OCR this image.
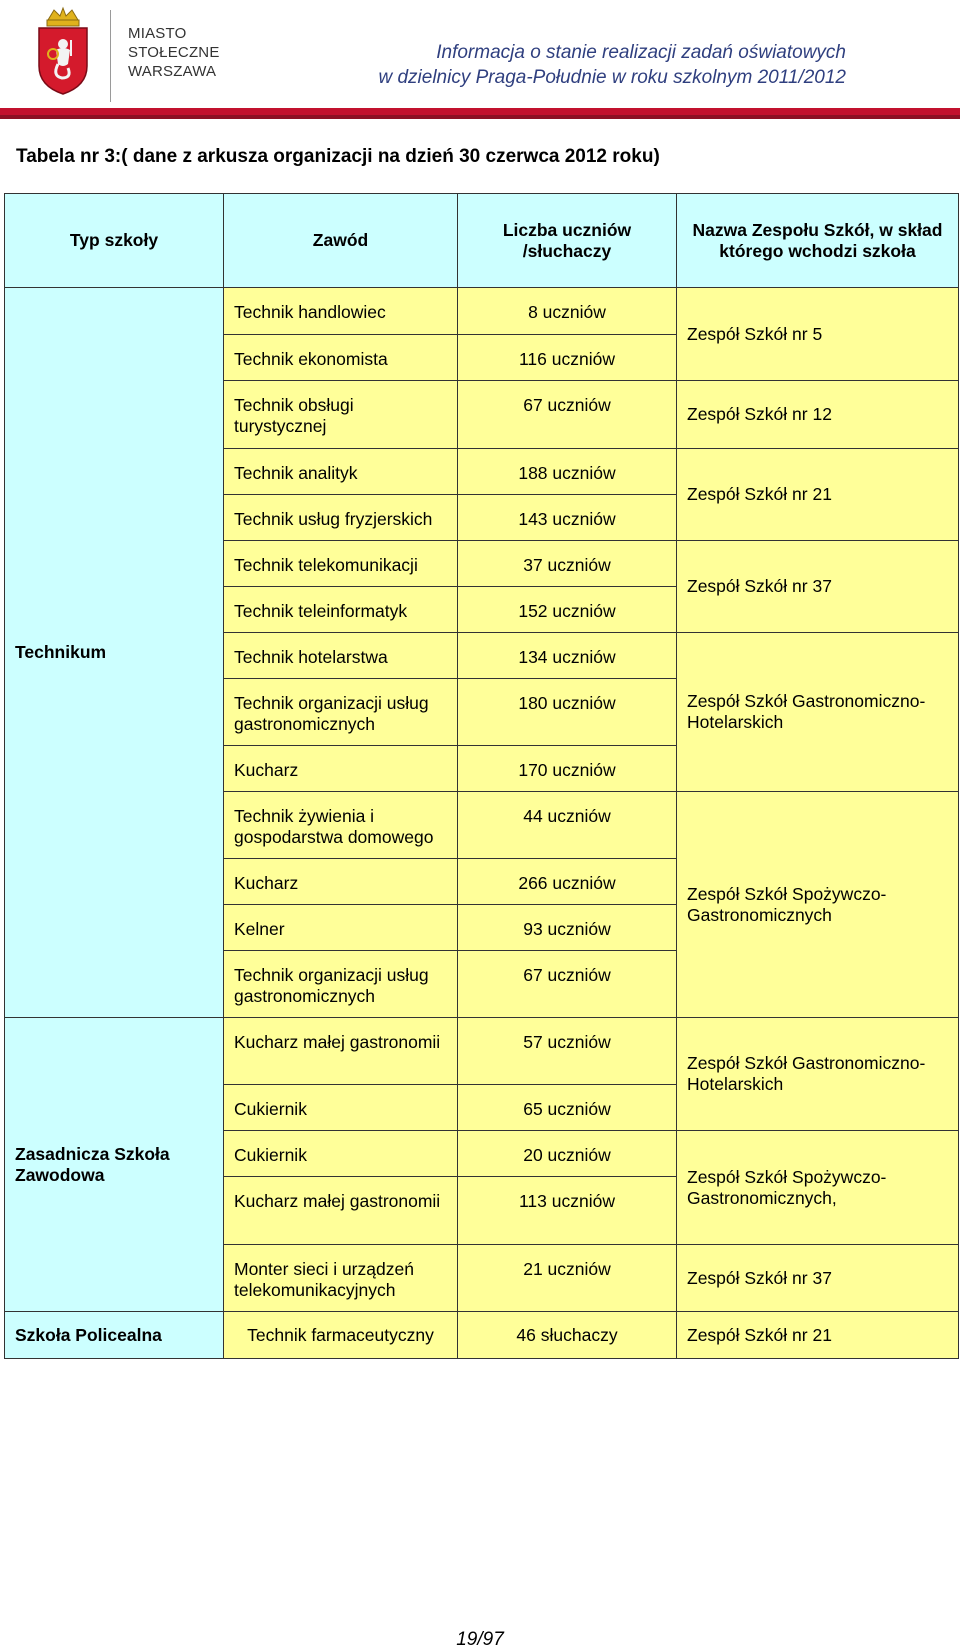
MIASTO
STOŁECZNE
WARSZAWA
Informacja o stanie realizacji zadań oświatowych
w dzielnicy Praga-Południe w roku szkolnym 2011/2012
Tabela nr 3:( dane z arkusza organizacji na dzień 30 czerwca 2012 roku)
Typ szkoły	Zawód	Liczba uczniów /słuchaczy	Nazwa Zespołu Szkół, w skład którego wchodzi szkoła
Technikum	Technik handlowiec	8 uczniów	Zespół Szkół nr 5
	Technik ekonomista	116 uczniów	
	Technik obsługi turystycznej	67 uczniów	Zespół Szkół nr 12
	Technik analityk	188 uczniów	Zespół Szkół nr 21
	Technik usług fryzjerskich	143 uczniów	
	Technik telekomunikacji	37 uczniów	Zespół Szkół nr 37
	Technik teleinformatyk	152 uczniów	
	Technik hotelarstwa	134 uczniów	Zespół Szkół Gastronomiczno-Hotelarskich
	Technik organizacji usług gastronomicznych	180 uczniów	
	Kucharz	170 uczniów	
	Technik żywienia i gospodarstwa domowego	44 uczniów	Zespół Szkół Spożywczo-Gastronomicznych
	Kucharz	266 uczniów	
	Kelner	93 uczniów	
	Technik organizacji usług gastronomicznych	67 uczniów	
Zasadnicza Szkoła Zawodowa	Kucharz małej gastronomii	57 uczniów	Zespół Szkół Gastronomiczno-Hotelarskich
	Cukiernik	65 uczniów	
	Cukiernik	20 uczniów	Zespół Szkół Spożywczo-Gastronomicznych,
	Kucharz małej gastronomii	113 uczniów	
	Monter sieci i urządzeń telekomunikacyjnych	21 uczniów	Zespół Szkół nr 37
Szkoła Policealna	Technik farmaceutyczny	46 słuchaczy	Zespół Szkół nr 21
19/97
